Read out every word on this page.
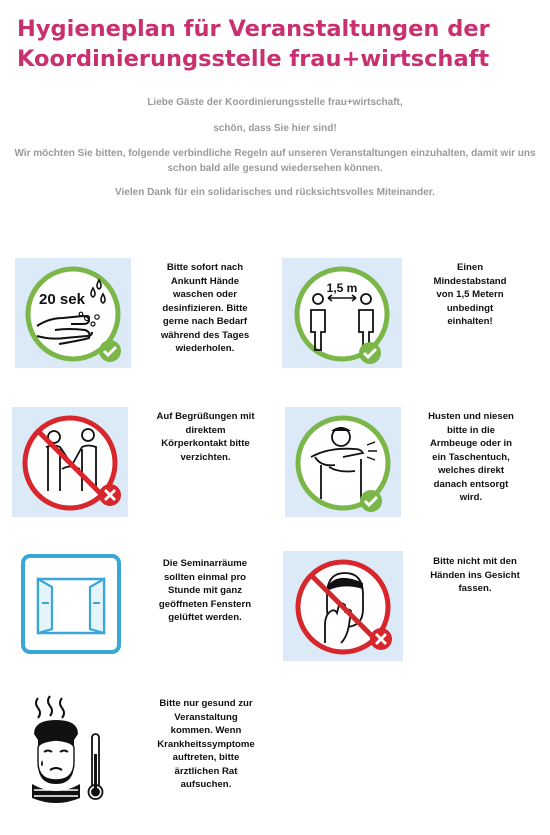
Hygieneplan für Veranstaltungen der
Koordinierungsstelle frau+wirtschaft

Liebe Gäste der Koordinierungsstelle frau+wirtschaft,

schön, dass Sie hier sind!

Wir möchten Sie bitten, folgende verbindliche Regeln auf unseren Veranstaltungen einzuhalten, damit wir uns
schon bald alle gesund wiedersehen können.

Vielen Dank für ein solidarisches und rücksichtsvolles Miteinander.

20 sek

Bitte sofort nach
Ankunft Hände
waschen oder
desinfizieren. Bitte
gerne nach Bedarf
während des Tages
wiederholen.

1,5 m

Einen
Mindestabstand
von 1,5 Metern
unbedingt
einhalten!

Auf Begrüßungen mit
direktem
Körperkontakt bitte
verzichten.

Husten und niesen
bitte in die
Armbeuge oder in
ein Taschentuch,
welches direkt
danach entsorgt
wird.

Die Seminarräume
sollten einmal pro
Stunde mit ganz
geöffneten Fenstern
gelüftet werden.

Bitte nicht mit den
Händen ins Gesicht
fassen.

Bitte nur gesund zur
Veranstaltung
kommen. Wenn
Krankheitssymptome
auftreten, bitte
ärztlichen Rat
aufsuchen.
